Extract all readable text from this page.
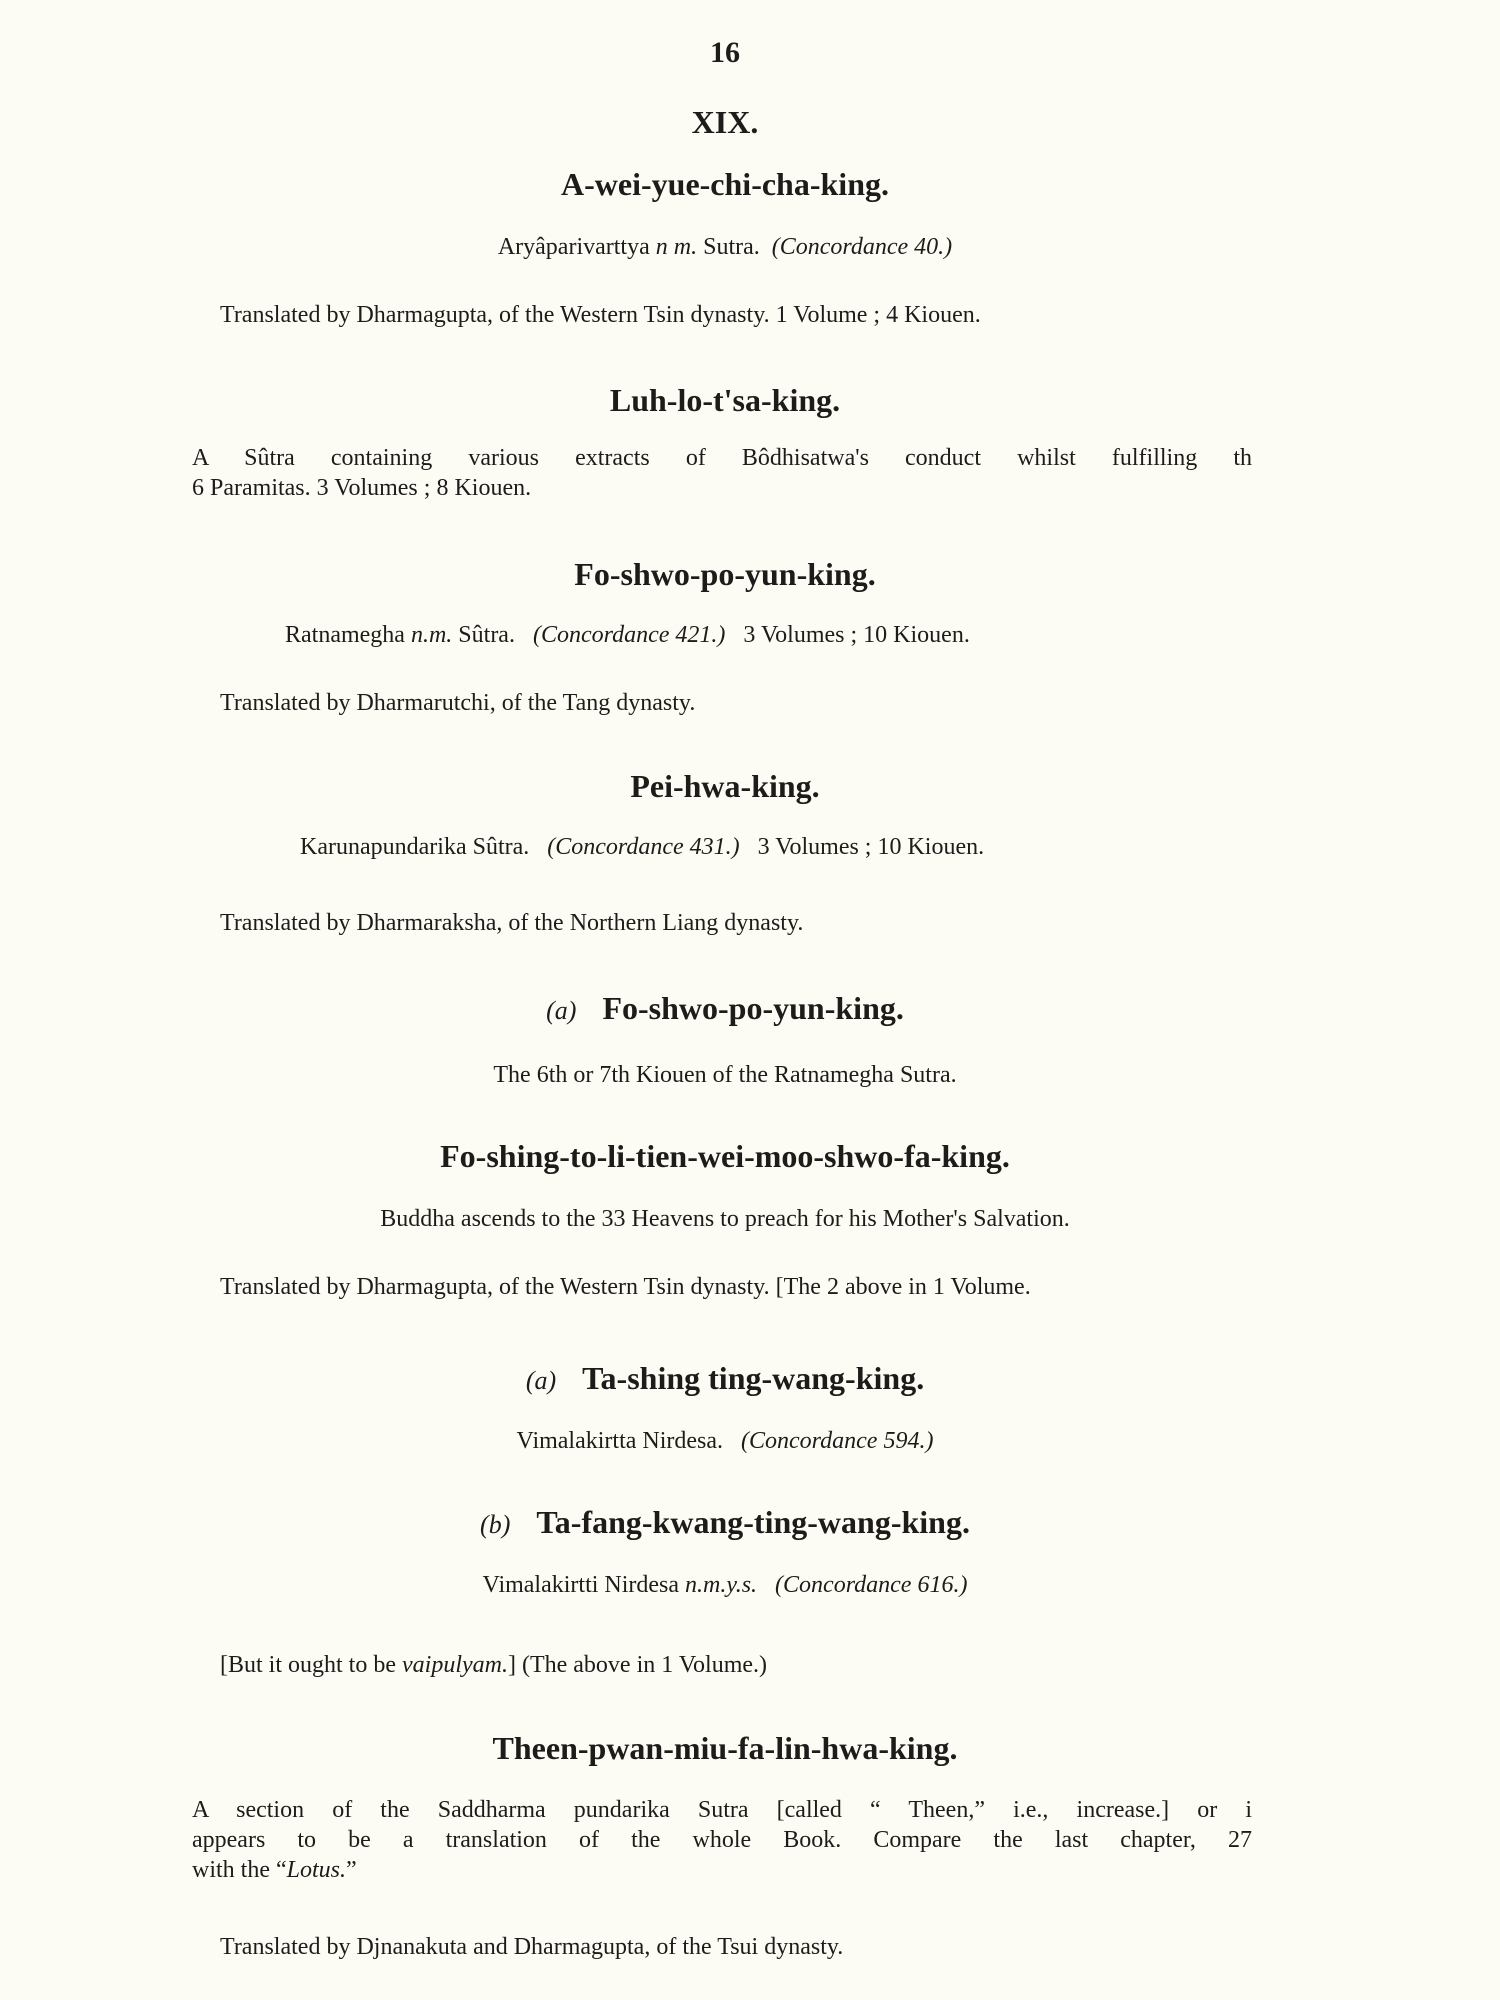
16
XIX.
A-wei-yue-chi-cha-king.
Aryâparivarttya n m. Sutra. (Concordance 40.)
Translated by Dharmagupta, of the Western Tsin dynasty. 1 Volume ; 4 Kiouen.
Luh-lo-t'sa-king.
A Sûtra containing various extracts of Bôdhisatwa's conduct whilst fulfilling th
6 Paramitas. 3 Volumes ; 8 Kiouen.
Fo-shwo-po-yun-king.
Ratnamegha n.m. Sûtra. (Concordance 421.) 3 Volumes ; 10 Kiouen.
Translated by Dharmarutchi, of the Tang dynasty.
Pei-hwa-king.
Karunapundarika Sûtra. (Concordance 431.) 3 Volumes ; 10 Kiouen.
Translated by Dharmaraksha, of the Northern Liang dynasty.
(a) Fo-shwo-po-yun-king.
The 6th or 7th Kiouen of the Ratnamegha Sutra.
Fo-shing-to-li-tien-wei-moo-shwo-fa-king.
Buddha ascends to the 33 Heavens to preach for his Mother's Salvation.
Translated by Dharmagupta, of the Western Tsin dynasty. [The 2 above in 1 Volume.
(a) Ta-shing ting-wang-king.
Vimalakirtta Nirdesa. (Concordance 594.)
(b) Ta-fang-kwang-ting-wang-king.
Vimalakirtti Nirdesa n.m.y.s. (Concordance 616.)
[But it ought to be vaipulyam.] (The above in 1 Volume.)
Theen-pwan-miu-fa-lin-hwa-king.
A section of the Saddharma pundarika Sutra [called “ Theen,” i.e., increase.] or i
appears to be a translation of the whole Book. Compare the last chapter, 27
with the “Lotus.”
Translated by Djnanakuta and Dharmagupta, of the Tsui dynasty.
